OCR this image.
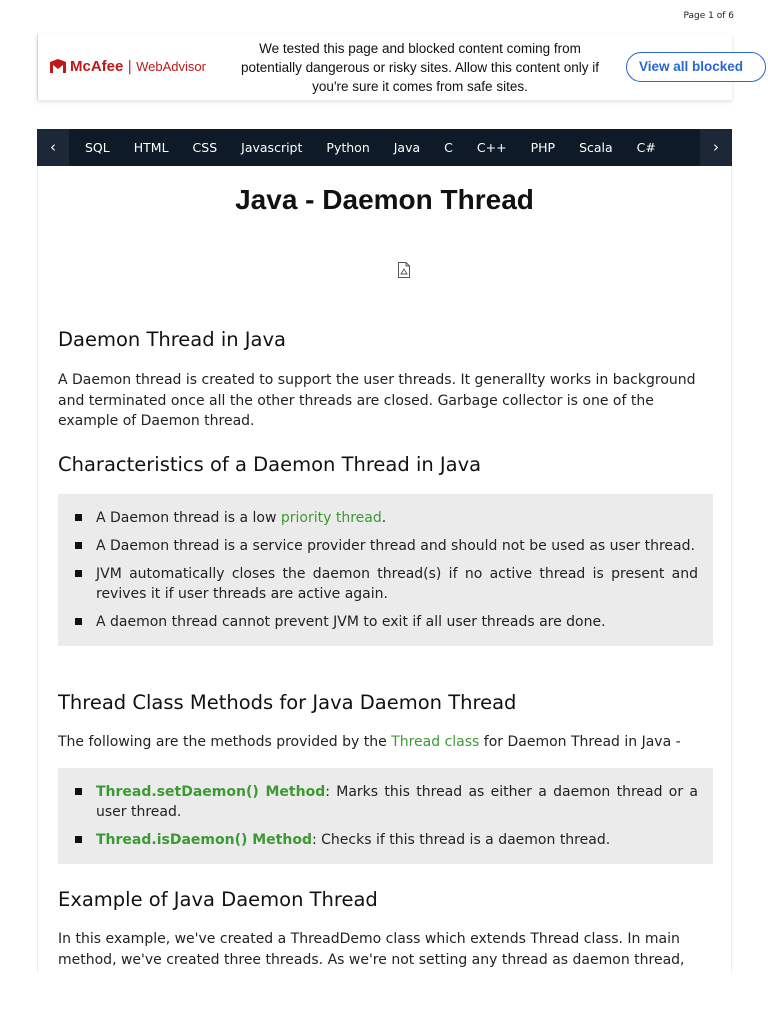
Page 1 of 6
McAfee | WebAdvisor
We tested this page and blocked content coming from potentially dangerous or risky sites. Allow this content only if you're sure it comes from safe sites.
View all blocked
SQL HTML CSS Javascript Python Java C C++ PHP Scala C#
‹	›
Java - Daemon Thread
Daemon Thread in Java

A Daemon thread is created to support the user threads. It generallty works in background and terminated once all the other threads are closed. Garbage collector is one of the example of Daemon thread.

Characteristics of a Daemon Thread in Java
A Daemon thread is a low priority thread.
A Daemon thread is a service provider thread and should not be used as user thread.
JVM automatically closes the daemon thread(s) if no active thread is present and revives it if user threads are active again.
A daemon thread cannot prevent JVM to exit if all user threads are done.
Thread Class Methods for Java Daemon Thread

The following are the methods provided by the Thread class for Daemon Thread in Java -

Thread.setDaemon() Method: Marks this thread as either a daemon thread or a user thread.
Thread.isDaemon() Method: Checks if this thread is a daemon thread.
Example of Java Daemon Thread

In this example, we've created a ThreadDemo class which extends Thread class. In main method, we've created three threads. As we're not setting any thread as daemon thread,
